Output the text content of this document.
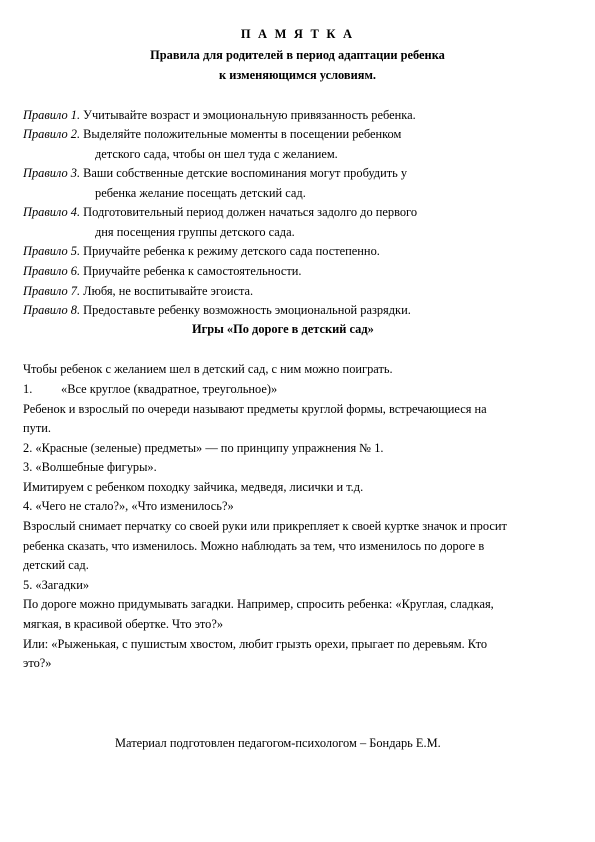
П А М Я Т К А
Правила для родителей в период адаптации ребенка
к изменяющимся условиям.
Правило 1. Учитывайте возраст и эмоциональную привязанность ребенка.
Правило 2. Выделяйте положительные моменты в посещении ребенком
детского сада, чтобы он шел туда с желанием.
Правило 3. Ваши собственные детские воспоминания могут пробудить у
ребенка желание посещать детский сад.
Правило 4. Подготовительный период должен начаться задолго до первого
дня посещения группы детского сада.
Правило 5. Приучайте ребенка к режиму детского сада постепенно.
Правило 6. Приучайте ребенка к самостоятельности.
Правило 7. Любя, не воспитывайте эгоиста.
Правило 8. Предоставьте ребенку возможность эмоциональной разрядки.
Игры «По дороге в детский сад»
Чтобы ребенок с желанием шел в детский сад, с ним можно поиграть.
1. «Все круглое (квадратное, треугольное)»
Ребенок и взрослый по очереди называют предметы круглой формы, встречающиеся на
пути.
2. «Красные (зеленые) предметы» — по принципу упражнения № 1.
3. «Волшебные фигуры».
Имитируем с ребенком походку зайчика, медведя, лисички и т.д.
4. «Чего не стало?», «Что изменилось?»
Взрослый снимает перчатку со своей руки или прикрепляет к своей куртке значок и просит
ребенка сказать, что изменилось. Можно наблюдать за тем, что изменилось по дороге в
детский сад.
5. «Загадки»
По дороге можно придумывать загадки. Например, спросить ребенка: «Круглая, сладкая,
мягкая, в красивой обертке. Что это?»
Или: «Рыженькая, с пушистым хвостом, любит грызть орехи, прыгает по деревьям. Кто
это?»
Материал подготовлен педагогом-психологом – Бондарь Е.М.
